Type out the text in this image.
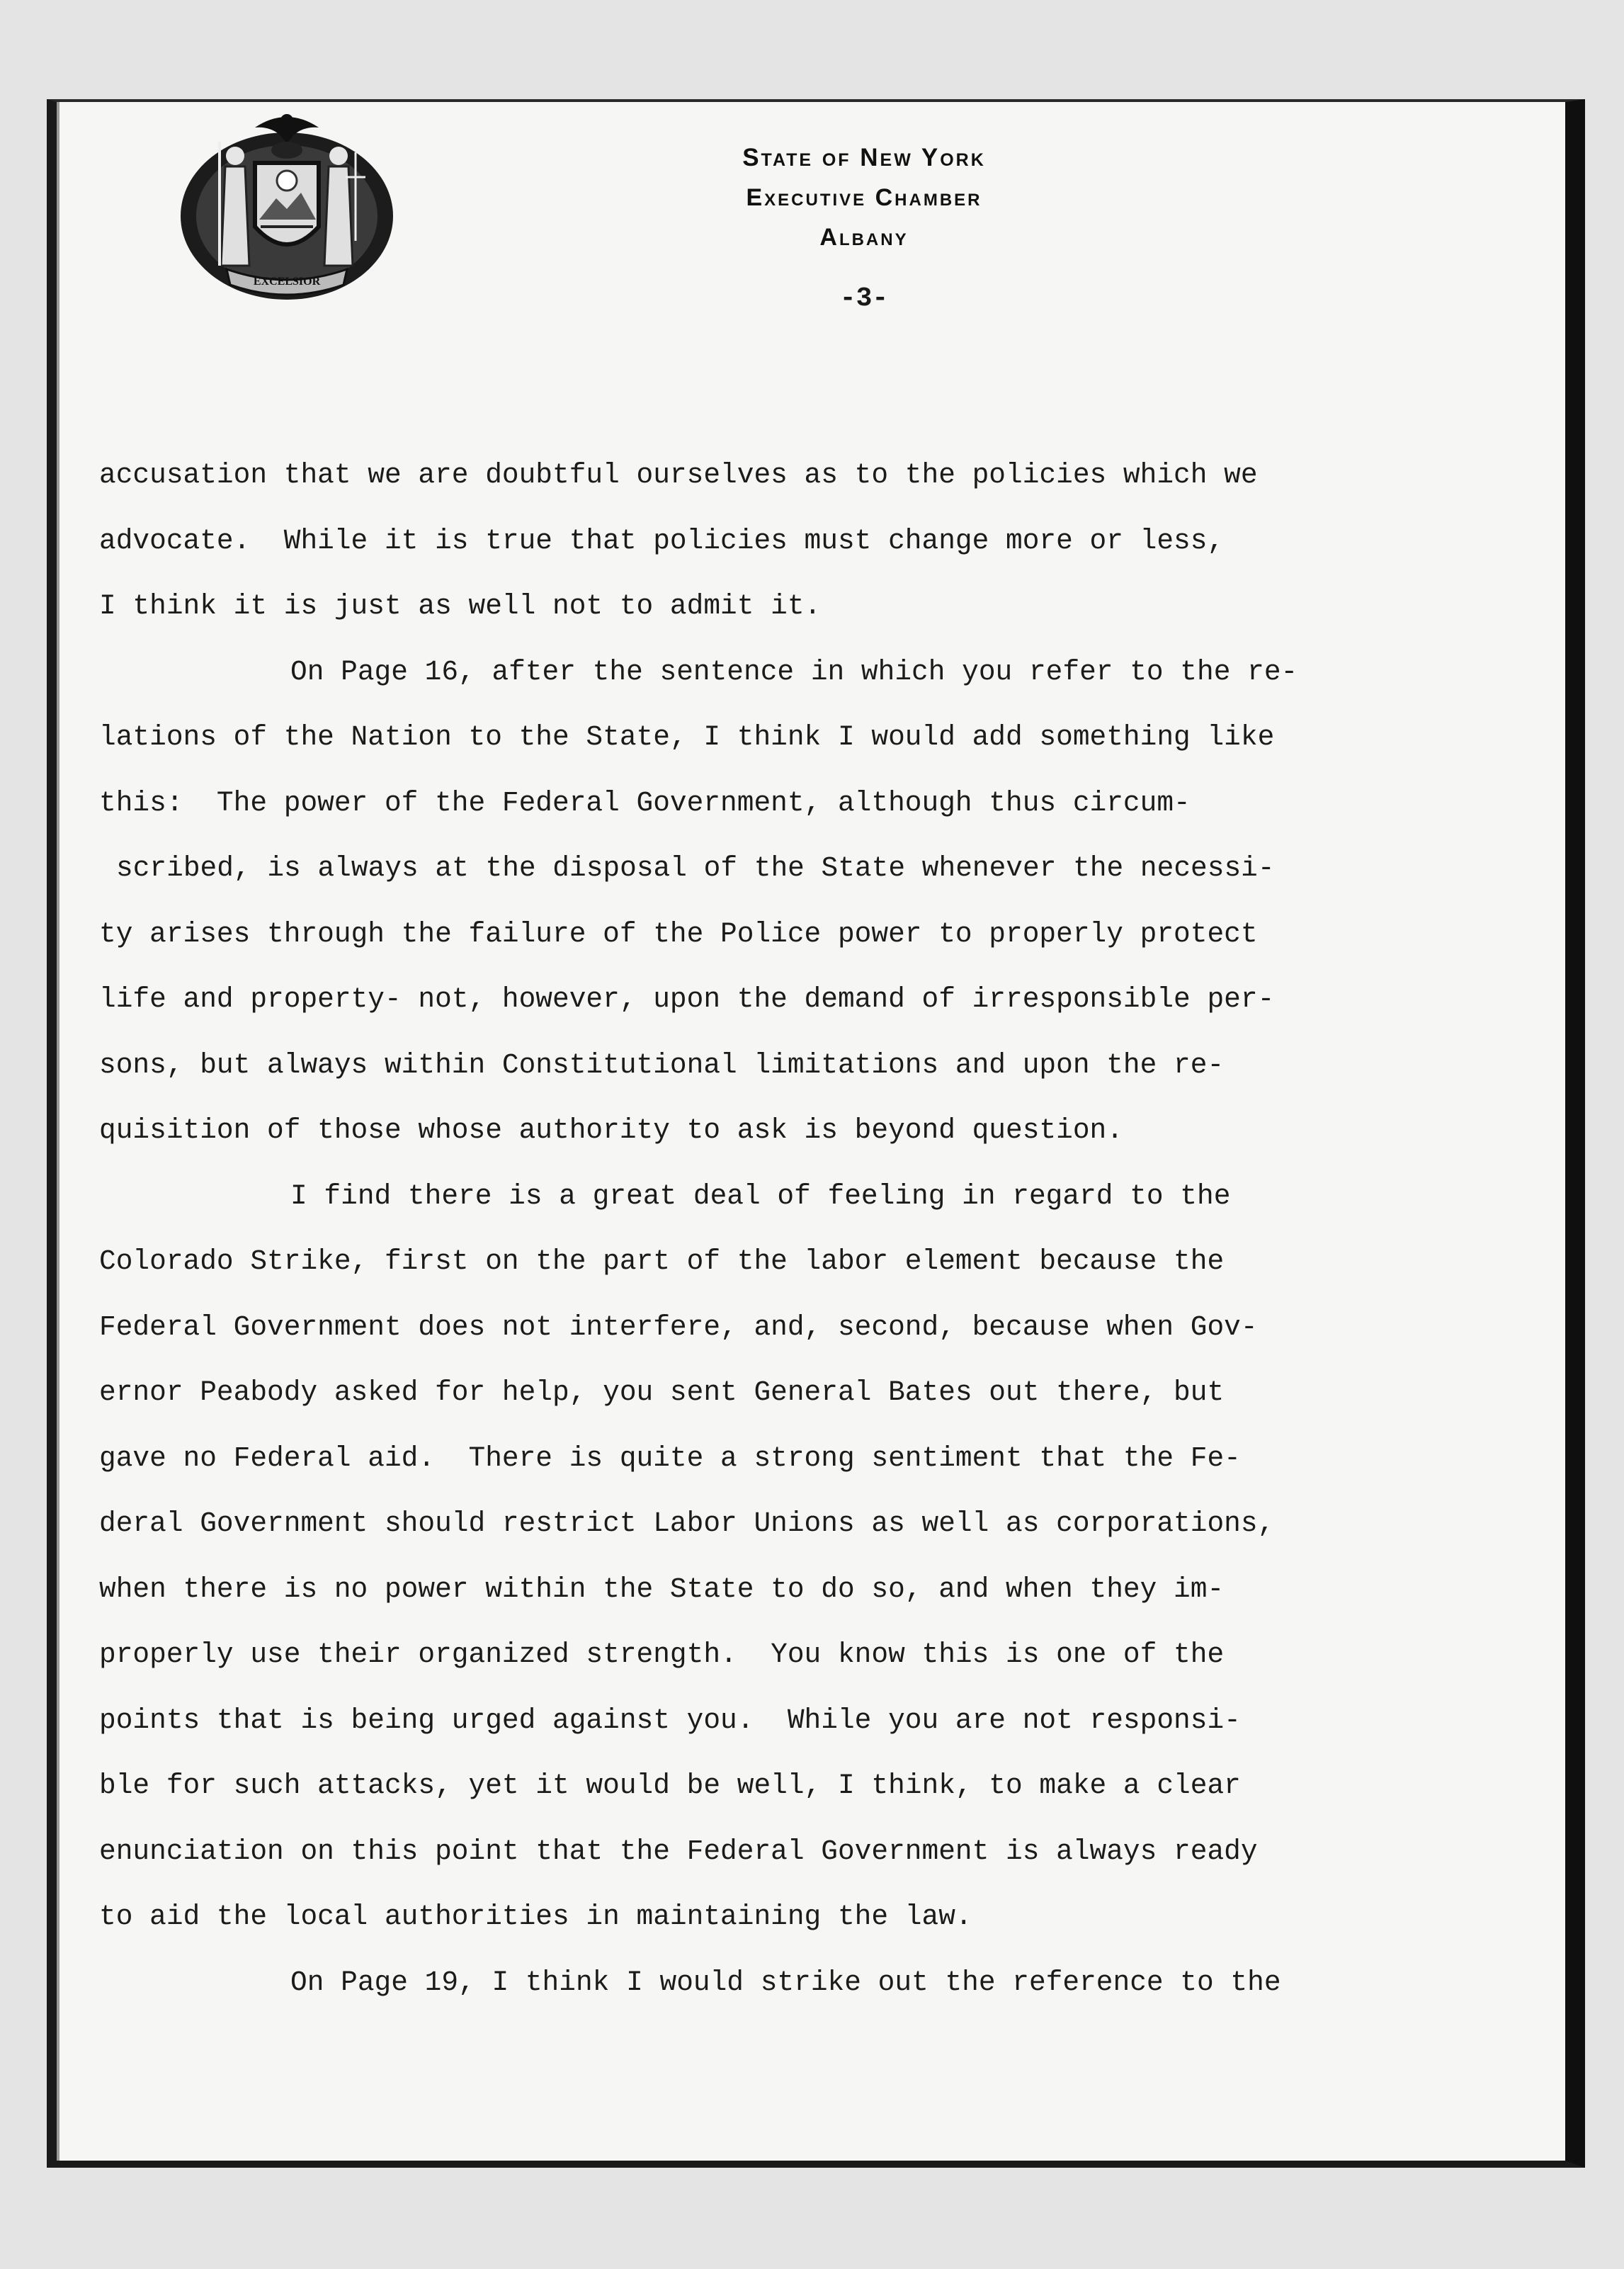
EXCELSIOR
State of New York
Executive Chamber
Albany
-3-
accusation that we are doubtful ourselves as to the policies which we
advocate.  While it is true that policies must change more or less,
I think it is just as well not to admit it.
On Page 16, after the sentence in which you refer to the re-
lations of the Nation to the State, I think I would add something like
this:  The power of the Federal Government, although thus circum-
scribed, is always at the disposal of the State whenever the necessi-
ty arises through the failure of the Police power to properly protect
life and property- not, however, upon the demand of irresponsible per-
sons, but always within Constitutional limitations and upon the re-
quisition of those whose authority to ask is beyond question.
I find there is a great deal of feeling in regard to the
Colorado Strike, first on the part of the labor element because the
Federal Government does not interfere, and, second, because when Gov-
ernor Peabody asked for help, you sent General Bates out there, but
gave no Federal aid.  There is quite a strong sentiment that the Fe-
deral Government should restrict Labor Unions as well as corporations,
when there is no power within the State to do so, and when they im-
properly use their organized strength.  You know this is one of the
points that is being urged against you.  While you are not responsi-
ble for such attacks, yet it would be well, I think, to make a clear
enunciation on this point that the Federal Government is always ready
to aid the local authorities in maintaining the law.
On Page 19, I think I would strike out the reference to the
